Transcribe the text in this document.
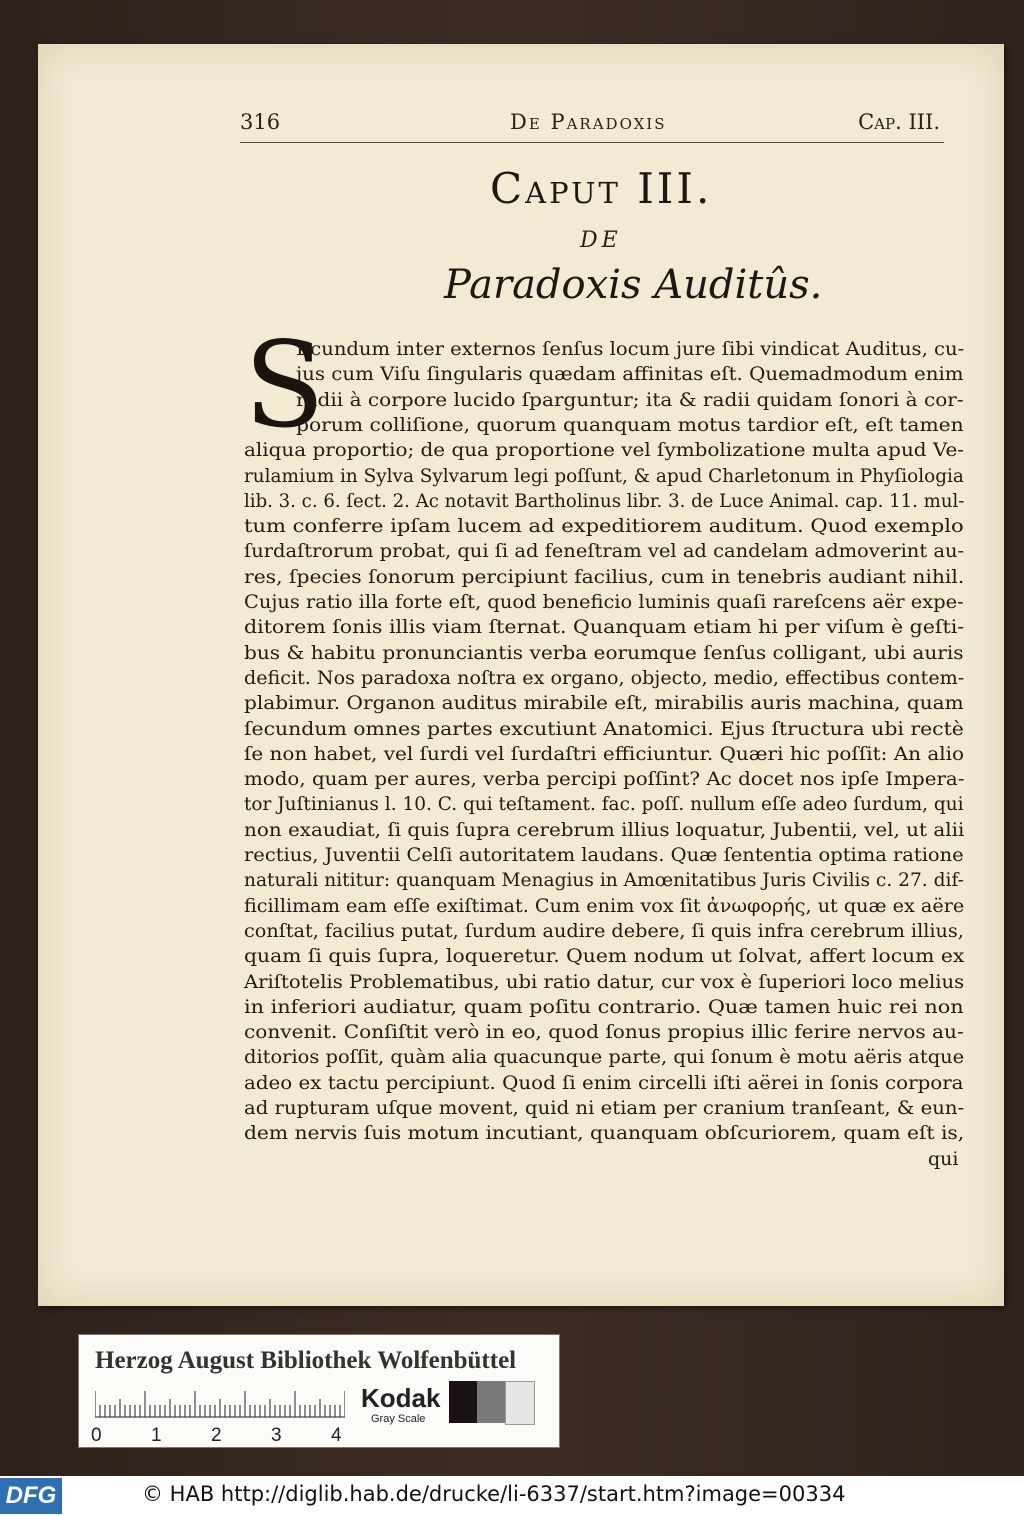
316	De Paradoxis	Cap. III.
Caput III.
DE
Paradoxis Auditûs.
S
Ecundum inter externos ſenſus locum jure ſibi vindicat Auditus, cu-
jus cum Viſu ſingularis quædam affinitas eſt. Quemadmodum enim
radii à corpore lucido ſparguntur; ita & radii quidam ſonori à cor-
porum colliſione, quorum quanquam motus tardior eſt, eſt tamen
aliqua proportio; de qua proportione vel ſymbolizatione multa apud Ve-
rulamium in Sylva Sylvarum legi poſſunt, & apud Charletonum in Phyſiologia
lib. 3. c. 6. ſect. 2. Ac notavit Bartholinus libr. 3. de Luce Animal. cap. 11. mul-
tum conferre ipſam lucem ad expeditiorem auditum. Quod exemplo
ſurdaſtrorum probat, qui ſi ad feneſtram vel ad candelam admoverint au-
res, ſpecies ſonorum percipiunt facilius, cum in tenebris audiant nihil.
Cujus ratio illa forte eſt, quod beneficio luminis quaſi rareſcens aër expe-
ditorem ſonis illis viam ſternat. Quanquam etiam hi per viſum è geſti-
bus & habitu pronunciantis verba eorumque ſenſus colligant, ubi auris
deficit. Nos paradoxa noſtra ex organo, objecto, medio, effectibus contem-
plabimur. Organon auditus mirabile eſt, mirabilis auris machina, quam
ſecundum omnes partes excutiunt Anatomici. Ejus ſtructura ubi rectè
ſe non habet, vel ſurdi vel ſurdaſtri efficiuntur. Quæri hic poſſit: An alio
modo, quam per aures, verba percipi poſſint? Ac docet nos ipſe Impera-
tor Juſtinianus l. 10. C. qui teſtament. fac. poſſ. nullum eſſe adeo ſurdum, qui
non exaudiat, ſi quis ſupra cerebrum illius loquatur, Jubentii, vel, ut alii
rectius, Juventii Celſi autoritatem laudans. Quæ ſententia optima ratione
naturali nititur: quanquam Menagius in Amœnitatibus Juris Civilis c. 27. dif-
ficillimam eam eſſe exiſtimat. Cum enim vox ſit ἀνωφορής, ut quæ ex aëre
conſtat, facilius putat, ſurdum audire debere, ſi quis infra cerebrum illius,
quam ſi quis ſupra, loqueretur. Quem nodum ut ſolvat, affert locum ex
Ariſtotelis Problematibus, ubi ratio datur, cur vox è ſuperiori loco melius
in inferiori audiatur, quam poſitu contrario. Quæ tamen huic rei non
convenit. Conſiſtit verò in eo, quod ſonus propius illic ferire nervos au-
ditorios poſſit, quàm alia quacunque parte, qui ſonum è motu aëris atque
adeo ex tactu percipiunt. Quod ſi enim circelli iſti aërei in ſonis corpora
ad rupturam uſque movent, quid ni etiam per cranium tranſeant, & eun-
dem nervis ſuis motum incutiant, quanquam obſcuriorem, quam eſt is,
qui
Herzog August Bibliothek Wolfenbüttel
0	1	2	3	4
Kodak
Gray Scale
DFG	© HAB http://diglib.hab.de/drucke/li-6337/start.htm?image=00334
